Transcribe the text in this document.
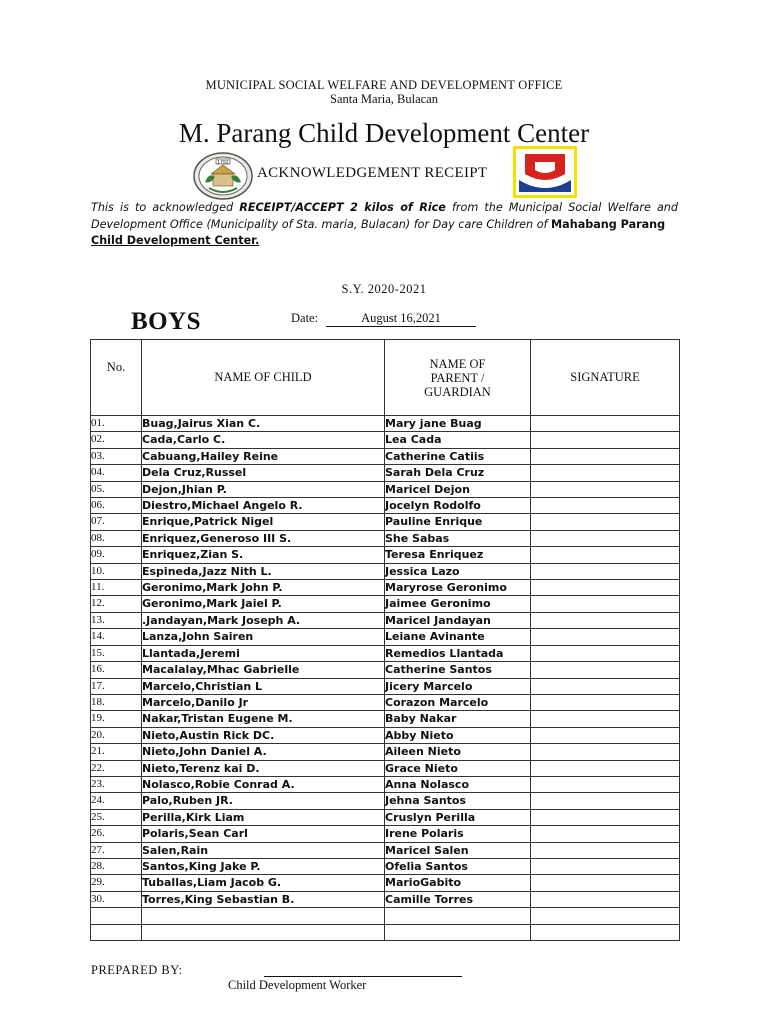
MUNICIPAL SOCIAL WELFARE AND DEVELOPMENT OFFICE
Santa Maria, Bulacan
M. Parang Child Development Center
1792
ACKNOWLEDGEMENT RECEIPT
This is to acknowledged RECEIPT/ACCEPT 2 kilos of Rice from the Municipal Social Welfare and Development Office (Municipality of Sta. maria, Bulacan) for Day care Children of Mahabang Parang
Child Development Center.
S.Y. 2020-2021
BOYS	Date:	August 16,2021
No.	NAME OF CHILD	NAME OF
PARENT /
GUARDIAN	SIGNATURE
01.	Buag,Jairus Xian C.	Mary jane Buag	
02.	Cada,Carlo C.	Lea Cada	
03.	Cabuang,Hailey Reine	Catherine Catiis	
04.	Dela Cruz,Russel	Sarah Dela Cruz	
05.	Dejon,Jhian P.	Maricel Dejon	
06.	Diestro,Michael Angelo R.	Jocelyn Rodolfo	
07.	Enrique,Patrick Nigel	Pauline Enrique	
08.	Enriquez,Generoso III S.	She Sabas	
09.	Enriquez,Zian S.	Teresa Enriquez	
10.	Espineda,Jazz Nith L.	Jessica Lazo	
11.	Geronimo,Mark John P.	Maryrose Geronimo	
12.	Geronimo,Mark Jaiel P.	Jaimee Geronimo	
13.	.Jandayan,Mark Joseph A.	Maricel Jandayan	
14.	Lanza,John Sairen	Leiane Avinante	
15.	Llantada,Jeremi	Remedios Llantada	
16.	Macalalay,Mhac Gabrielle	Catherine Santos	
17.	Marcelo,Christian L	Jicery Marcelo	
18.	Marcelo,Danilo Jr	Corazon Marcelo	
19.	Nakar,Tristan Eugene M.	Baby Nakar	
20.	Nieto,Austin Rick DC.	Abby Nieto	
21.	Nieto,John Daniel A.	Aileen Nieto	
22.	Nieto,Terenz kai D.	Grace Nieto	
23.	Nolasco,Robie Conrad A.	Anna Nolasco	
24.	Palo,Ruben JR.	Jehna Santos	
25.	Perilla,Kirk Liam	Cruslyn Perilla	
26.	Polaris,Sean Carl	Irene Polaris	
27.	Salen,Rain	Maricel Salen	
28.	Santos,King Jake P.	Ofelia Santos	
29.	Tuballas,Liam Jacob G.	MarioGabito	
30.	Torres,King Sebastian B.	Camille Torres	

PREPARED BY:
Child Development Worker
